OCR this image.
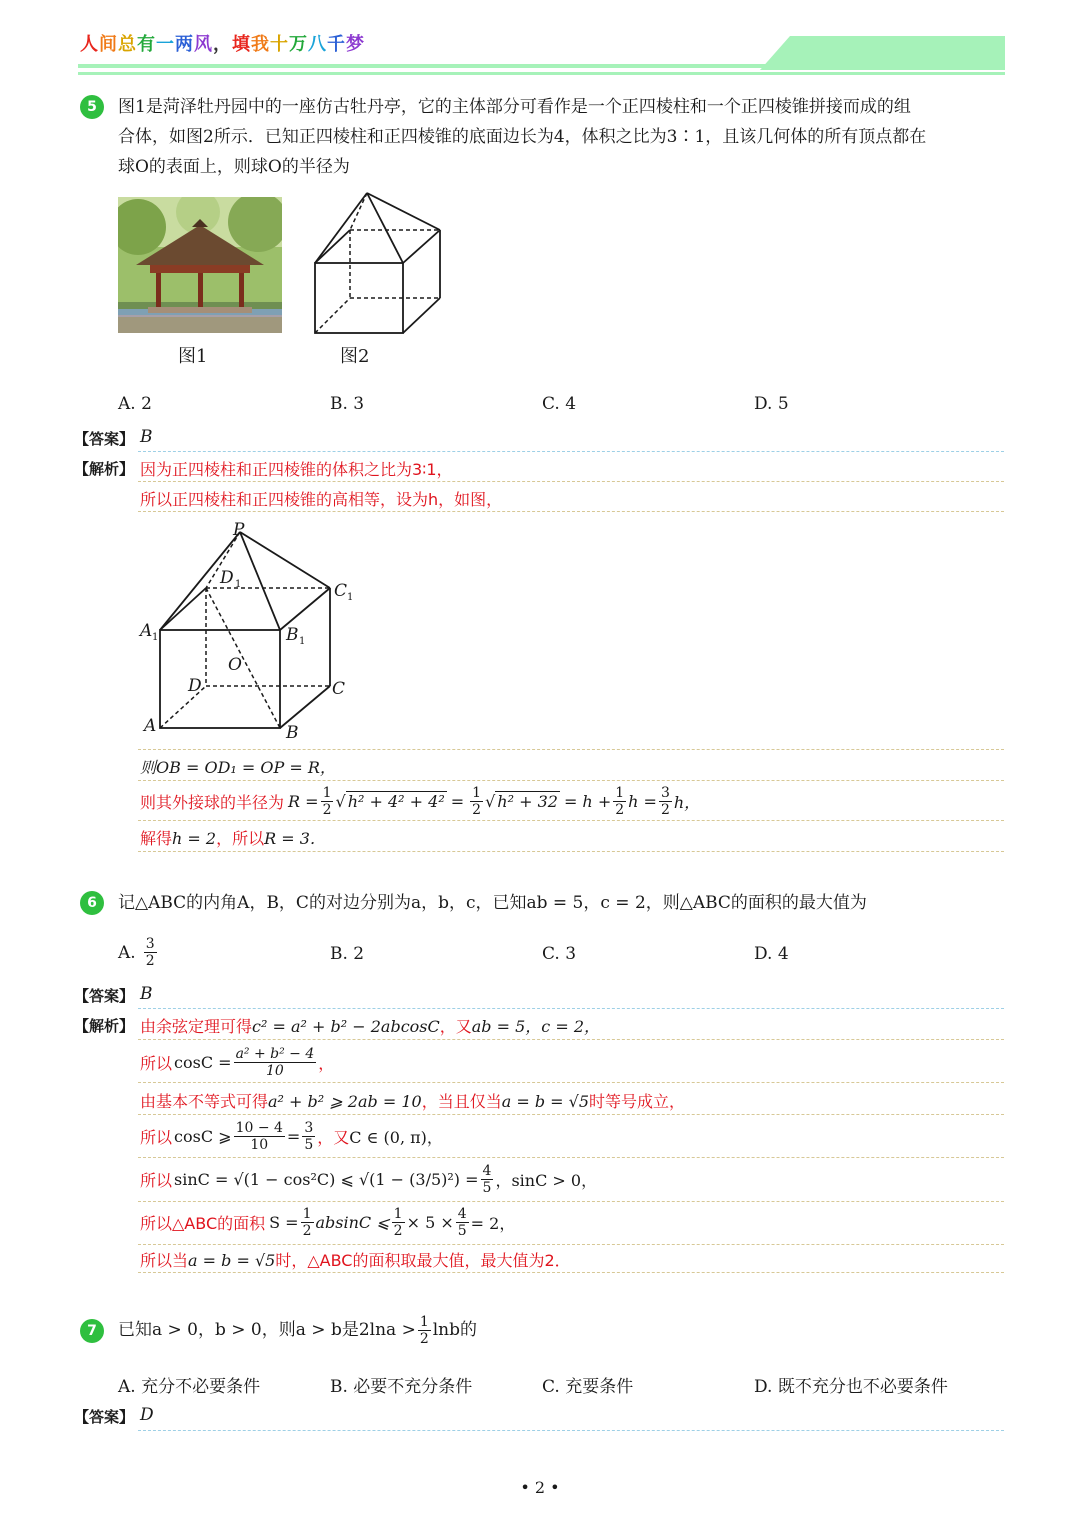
人间总有一两风，填我十万八千梦
5	图1是菏泽牡丹园中的一座仿古牡丹亭，它的主体部分可看作是一个正四棱柱和一个正四棱锥拼接而成的组
合体，如图2所示．已知正四棱柱和正四棱锥的底面边长为4，体积之比为3∶1，且该几何体的所有顶点都在
球O的表面上，则球O的半径为
图1	图2
A. 2	B. 3	C. 4	D. 5
【答案】 B
【解析】 因为正四棱柱和正四棱锥的体积之比为3∶1，
所以正四棱柱和正四棱锥的高相等，设为h，如图，
P
D 1	C 1
A 1	B 1
O
D	C
A	B
则OB = OD₁ = OP = R，
则其外接球的半径为 $R = \frac{1}{2}$ √ $h^2 + 4^2 + 4^2 = \frac{1}{2}$ √ $h^2 + 32 = h + \frac{1}{2}$ $h = \frac{3}{2}$ h，
解得h = 2，所以R = 3．
6	记△ABC的内角A，B，C的对边分别为a，b，c，已知ab = 5，c = 2，则△ABC的面积的最大值为
A. $\frac{3}{2}$	B. 2	C. 3	D. 4
【答案】 B
【解析】 由余弦定理可得c² = a² + b² − 2abcosC，又ab = 5，c = 2，
所以 $\cos C = \frac{\text{a² + b² − 4}}{10}$ ，
由基本不等式可得a² + b² ⩾ 2ab = 10，当且仅当a = b = √5时等号成立，
所以 cosC ⩾ $\frac{10 - 4}{10} = \frac{3}{5}$ ，又 C ∈ (0, π)，
所以 sinC = √(1 − cos²C) ⩽ $√(1 - (3/5)^2) = \frac{4}{5}$ ，sinC > 0，
所以△ABC的面积 $S = \frac{1}{2}$ absinC ⩽ $\frac{1}{2} \times 5 \times \frac{4}{5} = 2$，
所以当a = b = √5时，△ABC的面积取最大值，最大值为2．
7	已知a > 0，b > 0，则a > b是$2\ln a > \frac{1}{2}$ lnb的
A. 充分不必要条件	B. 必要不充分条件	C. 充要条件	D. 既不充分也不必要条件
【答案】 D
• 2 •
